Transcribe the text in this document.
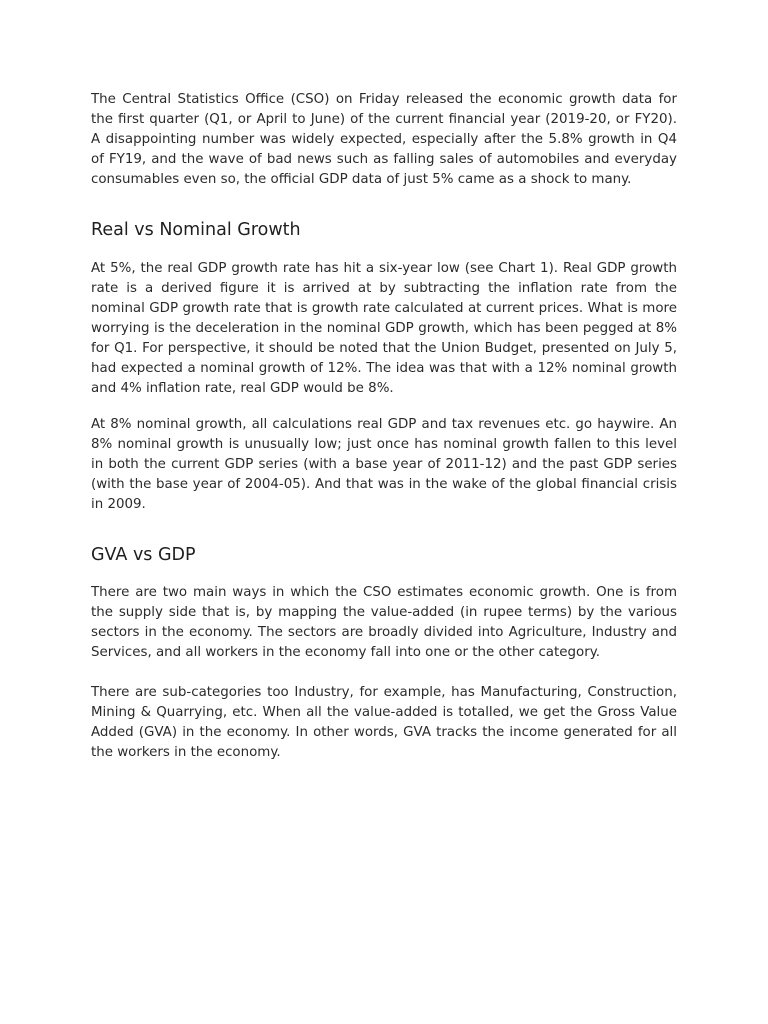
The Central Statistics Office (CSO) on Friday released the economic growth data for the first quarter (Q1, or April to June) of the current financial year (2019-20, or FY20). A disappointing number was widely expected, especially after the 5.8% growth in Q4 of FY19, and the wave of bad news such as falling sales of automobiles and everyday consumables even so, the official GDP data of just 5% came as a shock to many.

Real vs Nominal Growth

At 5%, the real GDP growth rate has hit a six-year low (see Chart 1). Real GDP growth rate is a derived figure it is arrived at by subtracting the inflation rate from the nominal GDP growth rate that is growth rate calculated at current prices. What is more worrying is the deceleration in the nominal GDP growth, which has been pegged at 8% for Q1. For perspective, it should be noted that the Union Budget, presented on July 5, had expected a nominal growth of 12%. The idea was that with a 12% nominal growth and 4% inflation rate, real GDP would be 8%.

At 8% nominal growth, all calculations real GDP and tax revenues etc. go haywire. An 8% nominal growth is unusually low; just once has nominal growth fallen to this level in both the current GDP series (with a base year of 2011-12) and the past GDP series (with the base year of 2004-05). And that was in the wake of the global financial crisis in 2009.

GVA vs GDP

There are two main ways in which the CSO estimates economic growth. One is from the supply side that is, by mapping the value-added (in rupee terms) by the various sectors in the economy. The sectors are broadly divided into Agriculture, Industry and Services, and all workers in the economy fall into one or the other category.

There are sub-categories too Industry, for example, has Manufacturing, Construction, Mining & Quarrying, etc. When all the value-added is totalled, we get the Gross Value Added (GVA) in the economy. In other words, GVA tracks the income generated for all the workers in the economy.
